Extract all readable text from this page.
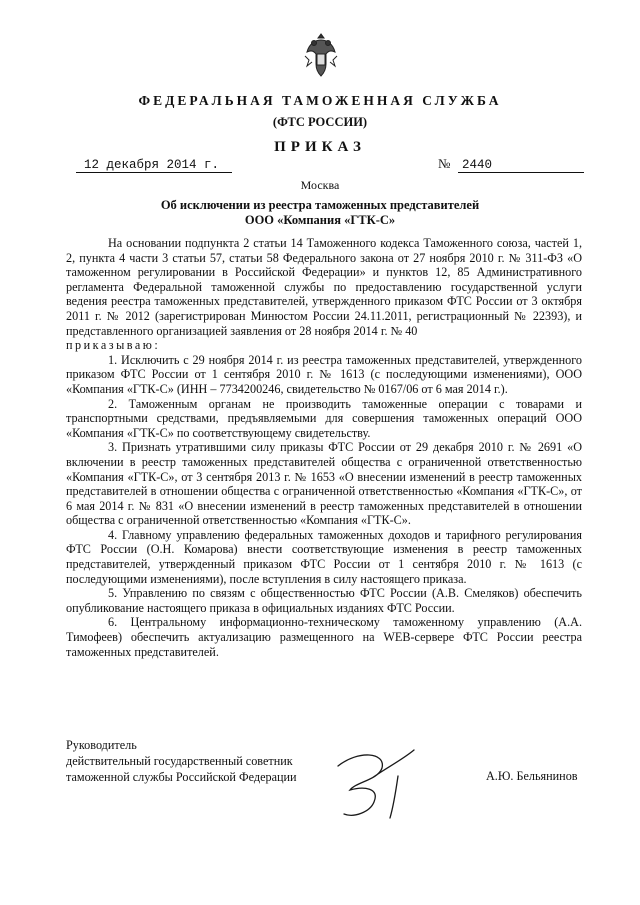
ФЕДЕРАЛЬНАЯ ТАМОЖЕННАЯ СЛУЖБА
(ФТС РОССИИ)
ПРИКАЗ
12 декабря 2014 г.	№ 2440
Москва
Об исключении из реестра таможенных представителей
ООО «Компания «ГТК-С»

На основании подпункта 2 статьи 14 Таможенного кодекса Таможенного союза, частей 1, 2, пункта 4 части 3 статьи 57, статьи 58 Федерального закона от 27 ноября 2010 г. № 311-ФЗ «О таможенном регулировании в Российской Федерации» и пунктов 12, 85 Административного регламента Федеральной таможенной службы по предоставлению государственной услуги ведения реестра таможенных представителей, утвержденного приказом ФТС России от 3 октября 2011 г. № 2012 (зарегистрирован Минюстом России 24.11.2011, регистрационный № 22393), и представленного организацией заявления от 28 ноября 2014 г. № 40

приказываю:

1. Исключить с 29 ноября 2014 г. из реестра таможенных представителей, утвержденного приказом ФТС России от 1 сентября 2010 г. № 1613 (с последующими изменениями), ООО «Компания «ГТК-С» (ИНН – 7734200246, свидетельство № 0167/06 от 6 мая 2014 г.).

2. Таможенным органам не производить таможенные операции с товарами и транспортными средствами, предъявляемыми для совершения таможенных операций ООО «Компания «ГТК-С» по соответствующему свидетельству.

3. Признать утратившими силу приказы ФТС России от 29 декабря 2010 г. № 2691 «О включении в реестр таможенных представителей общества с ограниченной ответственностью «Компания «ГТК-С», от 3 сентября 2013 г. № 1653 «О внесении изменений в реестр таможенных представителей в отношении общества с ограниченной ответственностью «Компания «ГТК-С», от 6 мая 2014 г. № 831 «О внесении изменений в реестр таможенных представителей в отношении общества с ограниченной ответственностью «Компания «ГТК-С».

4. Главному управлению федеральных таможенных доходов и тарифного регулирования ФТС России (О.Н. Комарова) внести соответствующие изменения в реестр таможенных представителей, утвержденный приказом ФТС России от 1 сентября 2010 г. № 1613 (с последующими изменениями), после вступления в силу настоящего приказа.

5. Управлению по связям с общественностью ФТС России (А.В. Смеляков) обеспечить опубликование настоящего приказа в официальных изданиях ФТС России.

6. Центральному информационно-техническому таможенному управлению (А.А. Тимофеев) обеспечить актуализацию размещенного на WEB-сервере ФТС России реестра таможенных представителей.

Руководитель
действительный государственный советник
таможенной службы Российской Федерации	А.Ю. Бельянинов
